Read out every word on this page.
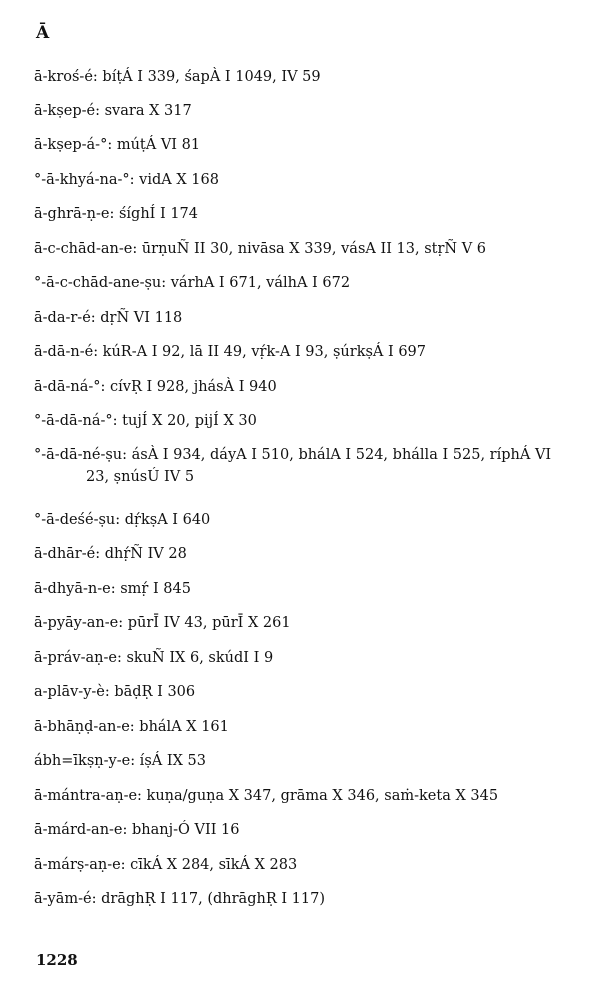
Ā
ā-kroś-é: bíṭÁ I 339, śapÀ I 1049, IV 59
ā-kṣep-é: svara X 317
ā-kṣep-á-°: múṭÁ VI 81
°-ā-khyá-na-°: vidA X 168
ā-ghrā-ṇ-e: śíghÍ I 174
ā-c-chād-an-e: ūrṇuÑ II 30, nivāsa X 339, vásA II 13, stṛÑ V 6
°-ā-c-chād-ane-ṣu: várhA I 671, válhA I 672
ā-da-r-é: dṛÑ VI 118
ā-dā-n-é: kúR-A I 92, lā II 49, vṛ́k-A I 93, ṣúrkṣÁ I 697
ā-dā-ná-°: cívṚ I 928, jhásÀ I 940
°-ā-dā-ná-°: tujÍ X 20, pijÍ X 30
°-ā-dā-né-ṣu: ásÀ I 934, dáyA I 510, bhálA I 524, bhálla I 525, ríphÁ VI
23, ṣnúsÚ IV 5
°-ā-deśé-ṣu: dṛ́kṣA I 640
ā-dhār-é: dhṛ́Ñ IV 28
ā-dhyā-n-e: smṛ́ I 845
ā-pyāy-an-e: pūrĪ IV 43, pūrĪ X 261
ā-práv-aṇ-e: skuÑ IX 6, skúdI I 9
a-plāv-y-è: bāḍṚ I 306
ā-bhāṇḍ-an-e: bhálA X 161
ábh=īkṣṇ-y-e: íṣÁ IX 53
ā-mántra-aṇ-e: kuṇa/guṇa X 347, grāma X 346, saṁ-keta X 345
ā-márd-an-e: bhanj-Ó VII 16
ā-márṣ-aṇ-e: cīkÁ X 284, sīkÁ X 283
ā-yām-é: drāghṚ I 117, (dhrāghṚ I 117)
1228
